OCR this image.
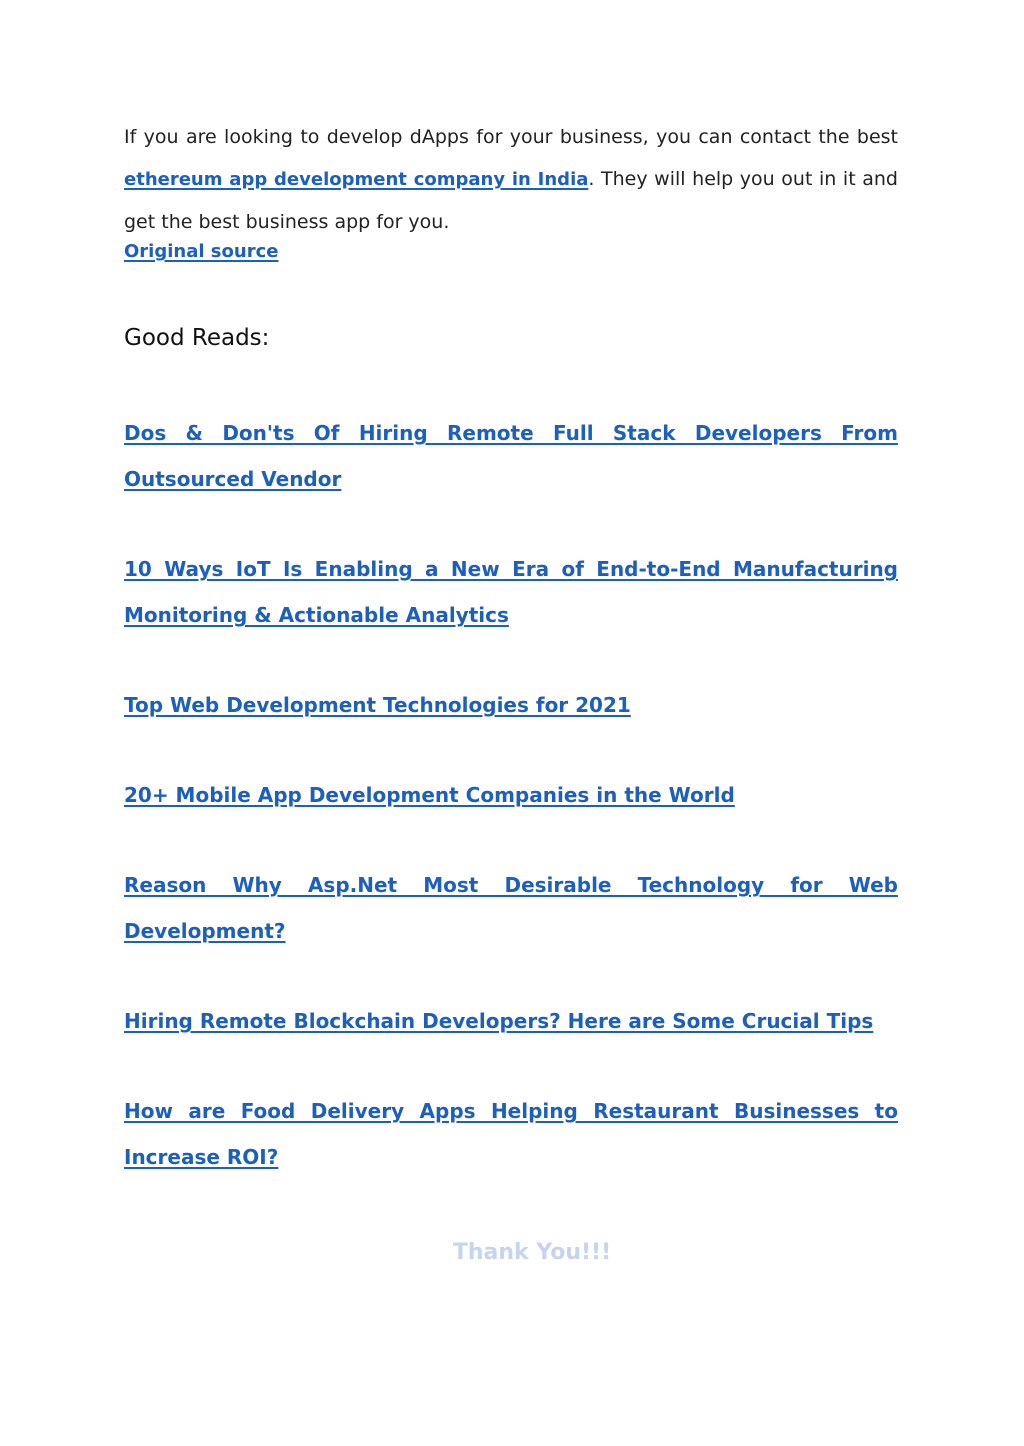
If you are looking to develop dApps for your business, you can contact the best ethereum app development company in India. They will help you out in it and get the best business app for you.

Original source
Good Reads:
Dos & Don'ts Of Hiring Remote Full Stack Developers From Outsourced Vendor
10 Ways IoT Is Enabling a New Era of End-to-End Manufacturing Monitoring & Actionable Analytics
Top Web Development Technologies for 2021
20+ Mobile App Development Companies in the World
Reason Why Asp.Net Most Desirable Technology for Web Development?
Hiring Remote Blockchain Developers? Here are Some Crucial Tips
How are Food Delivery Apps Helping Restaurant Businesses to Increase ROI?

Thank You!!!
